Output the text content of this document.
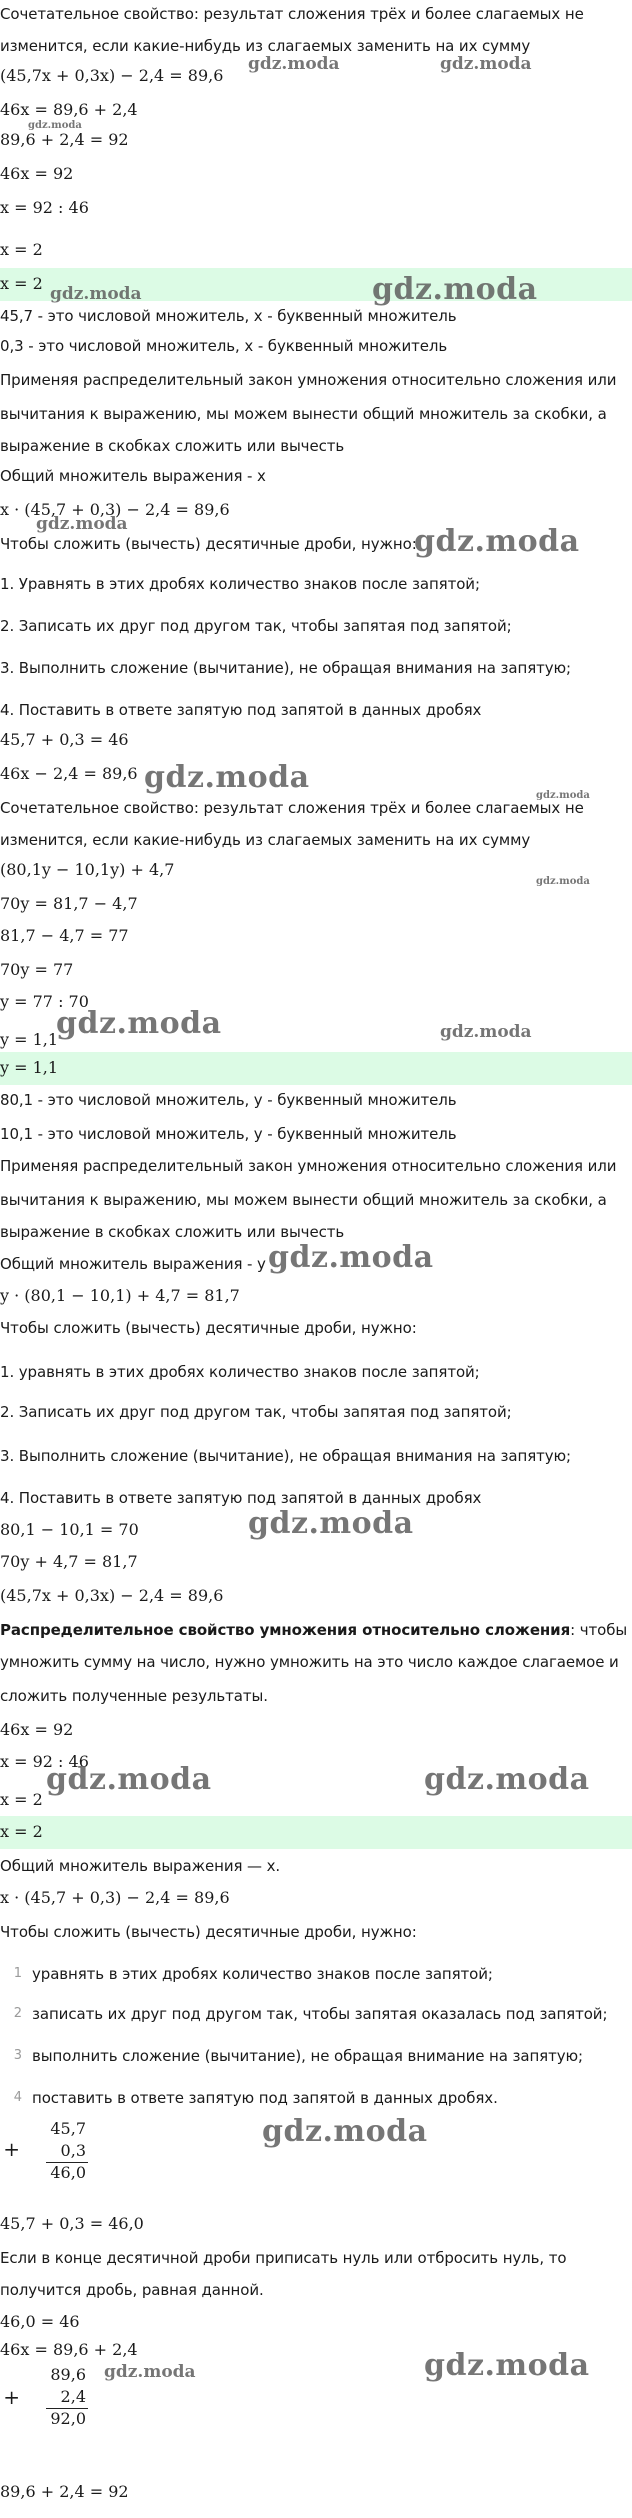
Сочетательное свойство: результат сложения трёх и более слагаемых не
изменится, если какие-нибудь из слагаемых заменить на их сумму
(45,7x + 0,3x) − 2,4 = 89,6
46x = 89,6 + 2,4
89,6 + 2,4 = 92
46x = 92
x = 92 : 46
x = 2
x = 2
45,7 - это числовой множитель, x - буквенный множитель
0,3 - это числовой множитель, x - буквенный множитель
Применяя распределительный закон умножения относительно сложения или
вычитания к выражению, мы можем вынести общий множитель за скобки, а
выражение в скобках сложить или вычесть
Общий множитель выражения - x
x · (45,7 + 0,3) − 2,4 = 89,6
Чтобы сложить (вычесть) десятичные дроби, нужно:
1. Уравнять в этих дробях количество знаков после запятой;
2. Записать их друг под другом так, чтобы запятая под запятой;
3. Выполнить сложение (вычитание), не обращая внимания на запятую;
4. Поставить в ответе запятую под запятой в данных дробях
45,7 + 0,3 = 46
46x − 2,4 = 89,6
Сочетательное свойство: результат сложения трёх и более слагаемых не
изменится, если какие-нибудь из слагаемых заменить на их сумму
(80,1y − 10,1y) + 4,7
70y = 81,7 − 4,7
81,7 − 4,7 = 77
70y = 77
y = 77 : 70
y = 1,1
y = 1,1
80,1 - это числовой множитель, y - буквенный множитель
10,1 - это числовой множитель, y - буквенный множитель
Применяя распределительный закон умножения относительно сложения или
вычитания к выражению, мы можем вынести общий множитель за скобки, а
выражение в скобках сложить или вычесть
Общий множитель выражения - y
y · (80,1 − 10,1) + 4,7 = 81,7
Чтобы сложить (вычесть) десятичные дроби, нужно:
1. уравнять в этих дробях количество знаков после запятой;
2. Записать их друг под другом так, чтобы запятая под запятой;
3. Выполнить сложение (вычитание), не обращая внимания на запятую;
4. Поставить в ответе запятую под запятой в данных дробях
80,1 − 10,1 = 70
70y + 4,7 = 81,7
(45,7x + 0,3x) − 2,4 = 89,6
Распределительное свойство умножения относительно сложения: чтобы
умножить сумму на число, нужно умножить на это число каждое слагаемое и
сложить полученные результаты.
46x = 92
x = 92 : 46
x = 2
x = 2
Общий множитель выражения — x.
x · (45,7 + 0,3) − 2,4 = 89,6
Чтобы сложить (вычесть) десятичные дроби, нужно:
1 уравнять в этих дробях количество знаков после запятой;
2 записать их друг под другом так, чтобы запятая оказалась под запятой;
3 выполнить сложение (вычитание), не обращая внимание на запятую;
4 поставить в ответе запятую под запятой в данных дробях.
+
45,7
0,3
46,0
45,7 + 0,3 = 46,0
Если в конце десятичной дроби приписать нуль или отбросить нуль, то
получится дробь, равная данной.
46,0 = 46
46x = 89,6 + 2,4
+
89,6
2,4
92,0
89,6 + 2,4 = 92
gdz.moda	gdz.moda
gdz.moda
gdz.moda	gdz.moda
gdz.moda	gdz.moda
gdz.moda
gdz.moda
gdz.moda
gdz.moda	gdz.moda
gdz.moda
gdz.moda
gdz.moda	gdz.moda
gdz.moda
gdz.moda	gdz.moda
